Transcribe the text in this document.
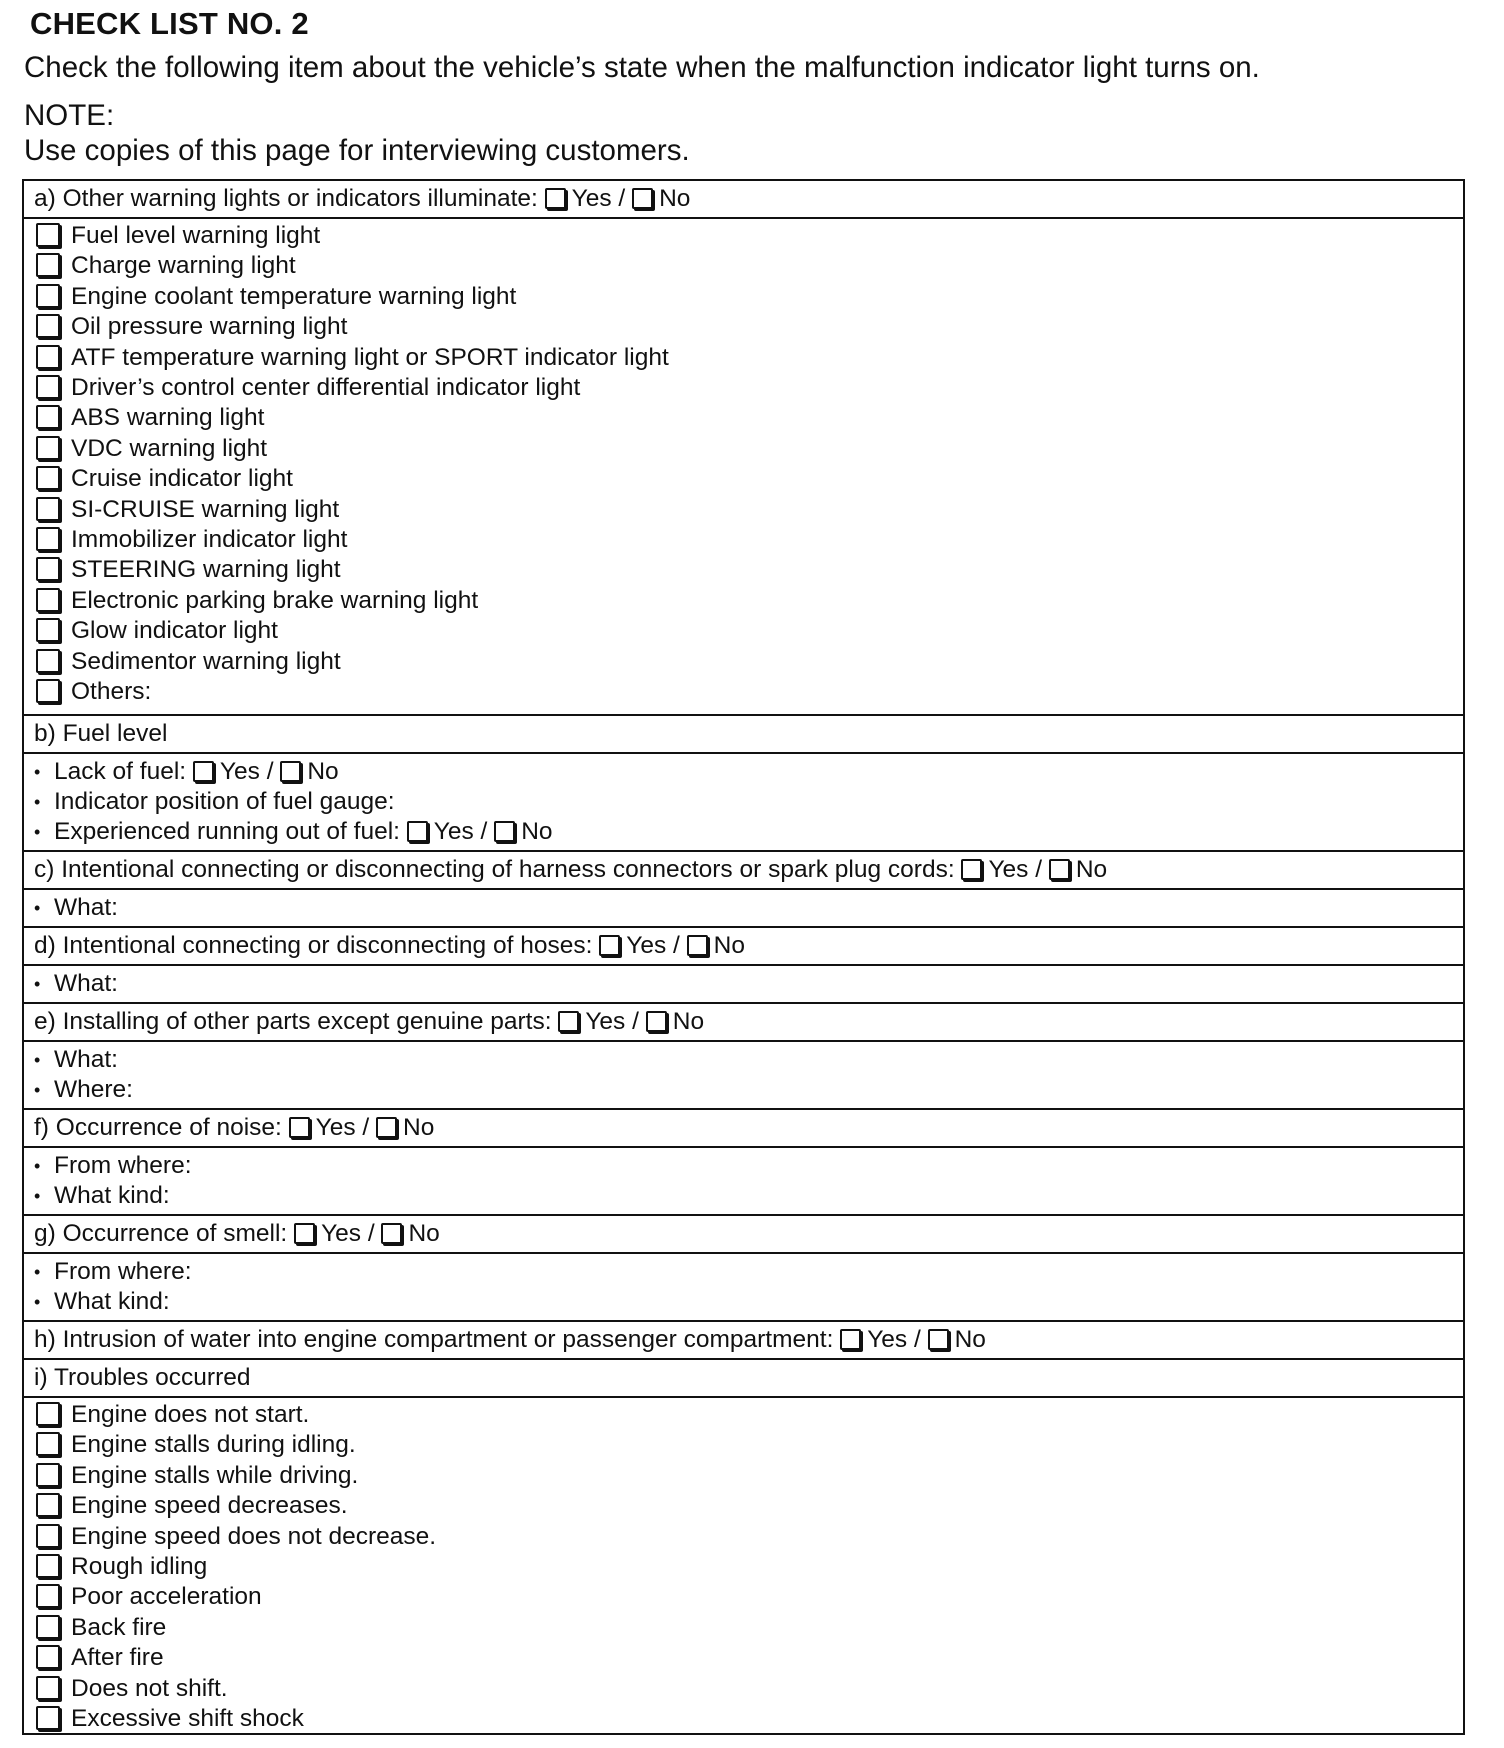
CHECK LIST NO. 2
Check the following item about the vehicle’s state when the malfunction indicator light turns on.
NOTE:
Use copies of this page for interviewing customers.
a) Other warning lights or indicators illuminate: Yes / No
Fuel level warning light
Charge warning light
Engine coolant temperature warning light
Oil pressure warning light
ATF temperature warning light or SPORT indicator light
Driver’s control center differential indicator light
ABS warning light
VDC warning light
Cruise indicator light
SI-CRUISE warning light
Immobilizer indicator light
STEERING warning light
Electronic parking brake warning light
Glow indicator light
Sedimentor warning light
Others:
b) Fuel level
• Lack of fuel: Yes / No
• Indicator position of fuel gauge:
• Experienced running out of fuel: Yes / No
c) Intentional connecting or disconnecting of harness connectors or spark plug cords: Yes / No
• What:
d) Intentional connecting or disconnecting of hoses: Yes / No
• What:
e) Installing of other parts except genuine parts: Yes / No
• What:
• Where:
f) Occurrence of noise: Yes / No
• From where:
• What kind:
g) Occurrence of smell: Yes / No
• From where:
• What kind:
h) Intrusion of water into engine compartment or passenger compartment: Yes / No
i) Troubles occurred
Engine does not start.
Engine stalls during idling.
Engine stalls while driving.
Engine speed decreases.
Engine speed does not decrease.
Rough idling
Poor acceleration
Back fire
After fire
Does not shift.
Excessive shift shock
